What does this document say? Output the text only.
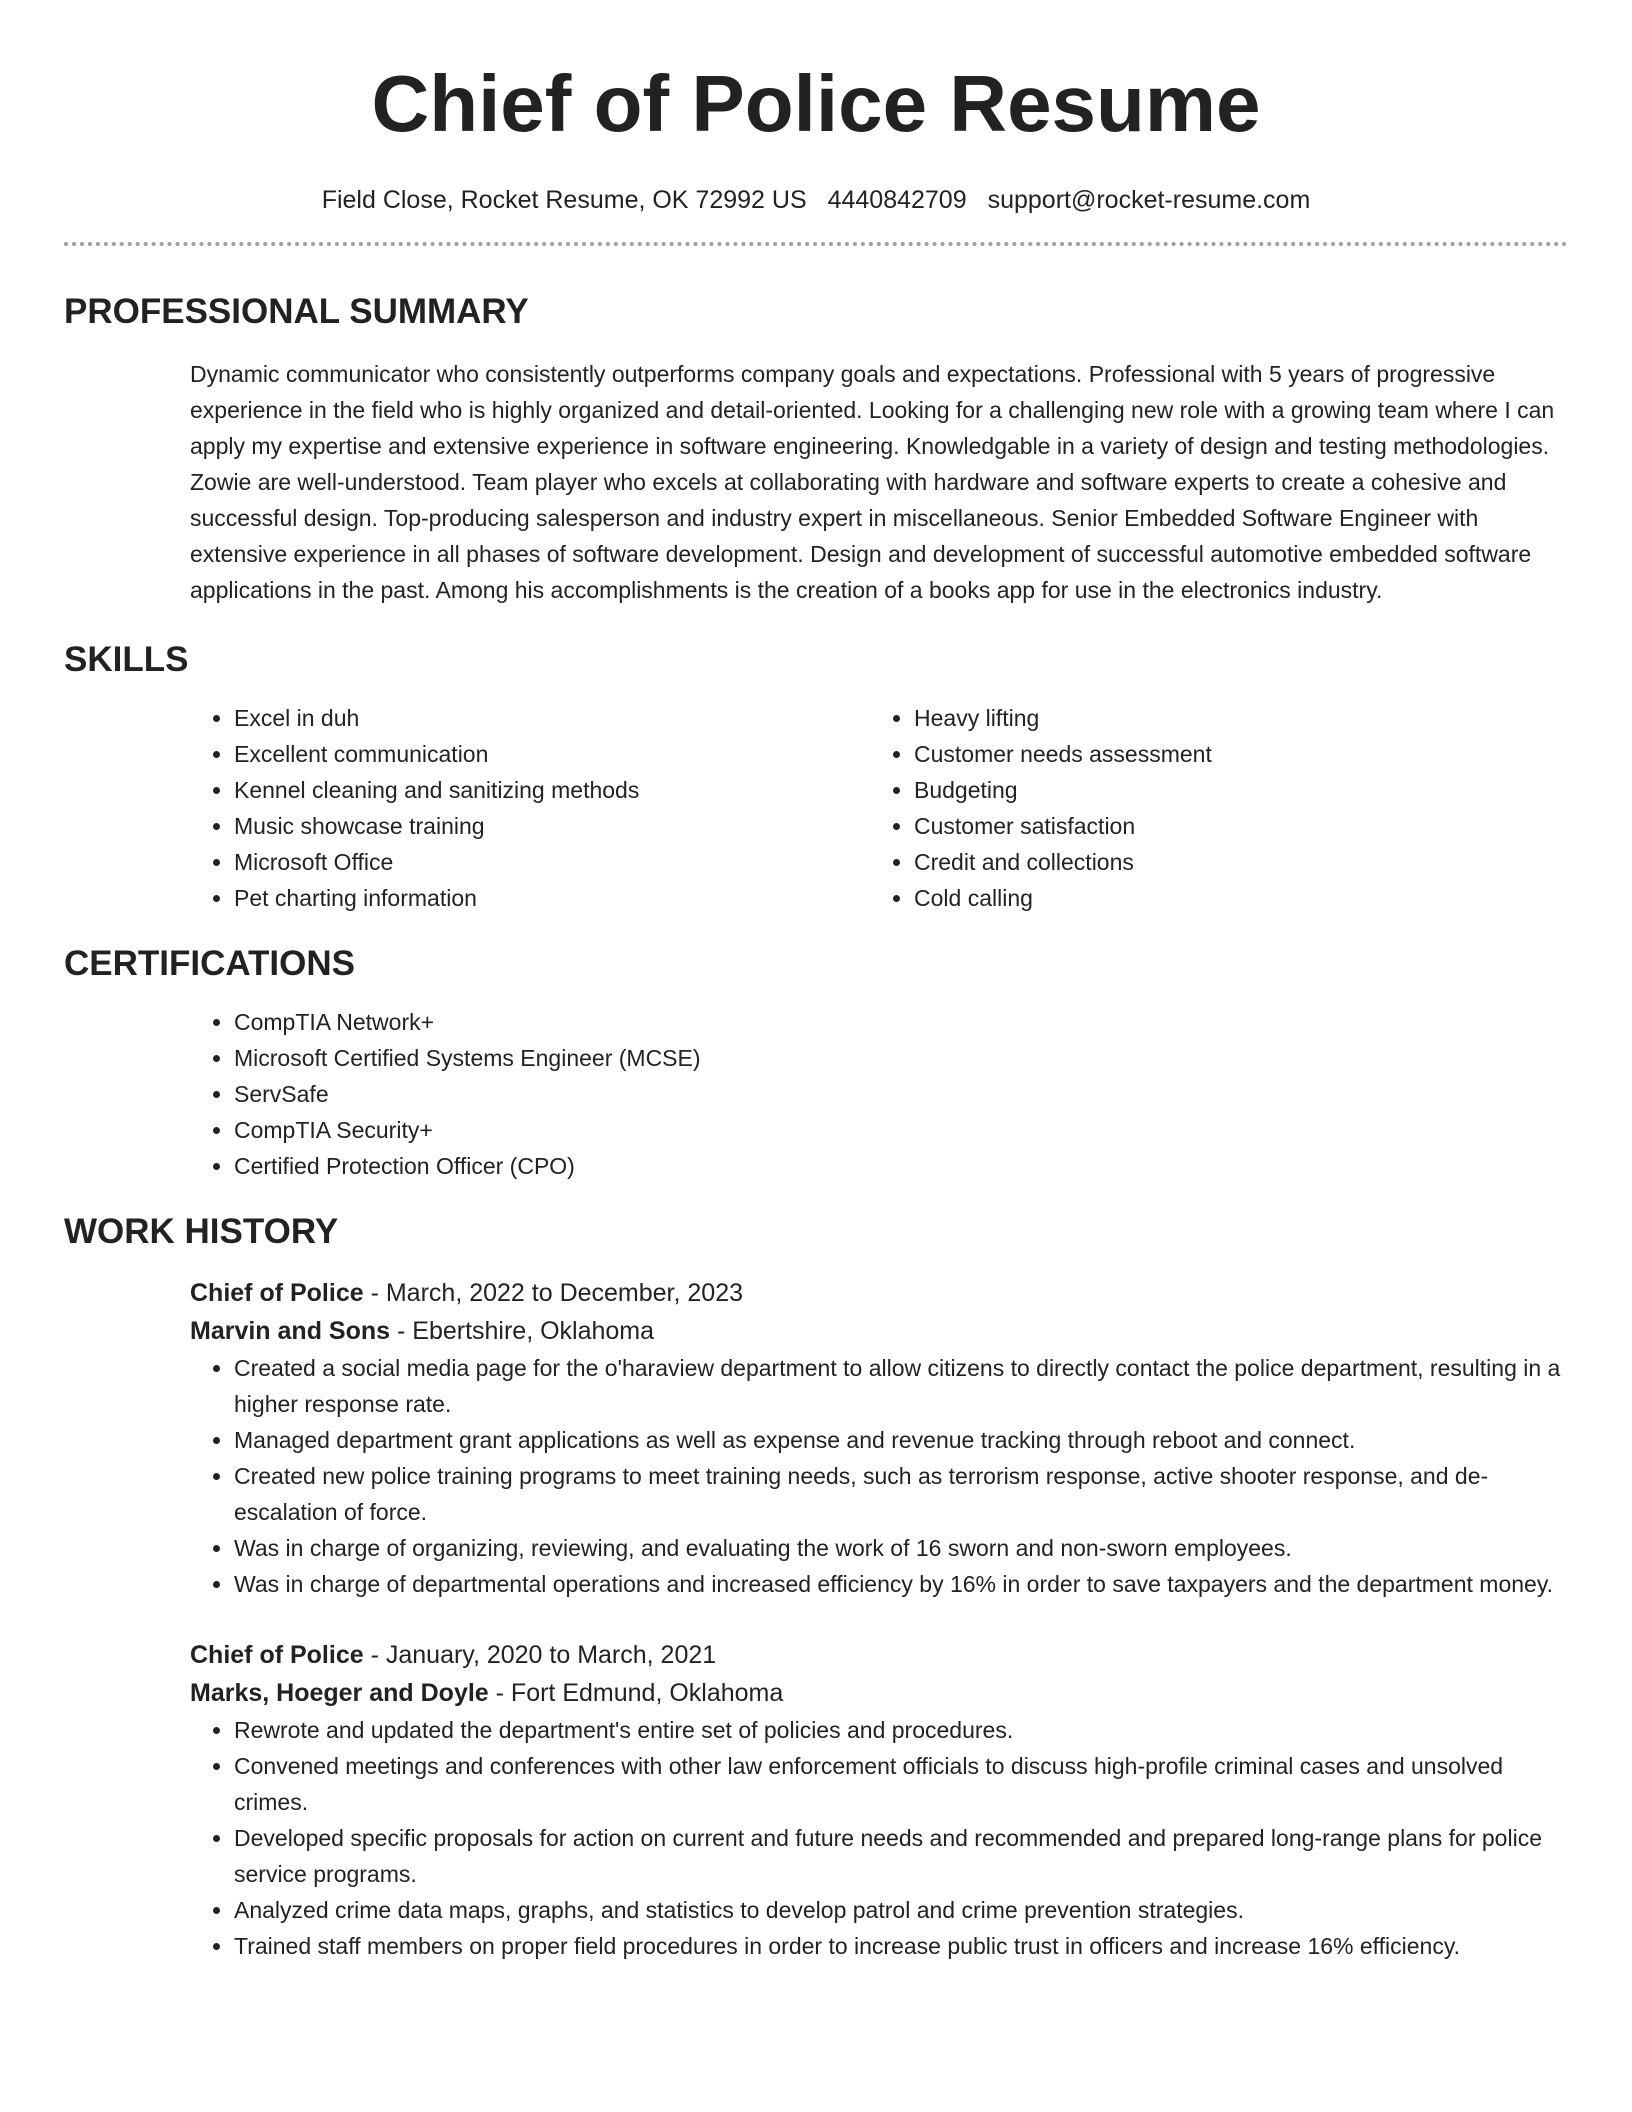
Chief of Police Resume
Field Close, Rocket Resume, OK 72992 US 4440842709 support@rocket-resume.com
PROFESSIONAL SUMMARY

Dynamic communicator who consistently outperforms company goals and expectations. Professional with 5 years of progressive experience in the field who is highly organized and detail-oriented. Looking for a challenging new role with a growing team where I can apply my expertise and extensive experience in software engineering. Knowledgable in a variety of design and testing methodologies. Zowie are well-understood. Team player who excels at collaborating with hardware and software experts to create a cohesive and successful design. Top-producing salesperson and industry expert in miscellaneous. Senior Embedded Software Engineer with extensive experience in all phases of software development. Design and development of successful automotive embedded software applications in the past. Among his accomplishments is the creation of a books app for use in the electronics industry.

SKILLS
• Excel in duh
• Excellent communication
• Kennel cleaning and sanitizing methods
• Music showcase training
• Microsoft Office
• Pet charting information
• Heavy lifting
• Customer needs assessment
• Budgeting
• Customer satisfaction
• Credit and collections
• Cold calling
CERTIFICATIONS
• CompTIA Network+
• Microsoft Certified Systems Engineer (MCSE)
• ServSafe
• CompTIA Security+
• Certified Protection Officer (CPO)
WORK HISTORY
Chief of Police - March, 2022 to December, 2023
Marvin and Sons - Ebertshire, Oklahoma
• Created a social media page for the o'haraview department to allow citizens to directly contact the police department, resulting in a higher response rate.
• Managed department grant applications as well as expense and revenue tracking through reboot and connect.
• Created new police training programs to meet training needs, such as terrorism response, active shooter response, and de-escalation of force.
• Was in charge of organizing, reviewing, and evaluating the work of 16 sworn and non-sworn employees.
• Was in charge of departmental operations and increased efficiency by 16% in order to save taxpayers and the department money.
Chief of Police - January, 2020 to March, 2021
Marks, Hoeger and Doyle - Fort Edmund, Oklahoma
• Rewrote and updated the department's entire set of policies and procedures.
• Convened meetings and conferences with other law enforcement officials to discuss high-profile criminal cases and unsolved crimes.
• Developed specific proposals for action on current and future needs and recommended and prepared long-range plans for police service programs.
• Analyzed crime data maps, graphs, and statistics to develop patrol and crime prevention strategies.
• Trained staff members on proper field procedures in order to increase public trust in officers and increase 16% efficiency.
